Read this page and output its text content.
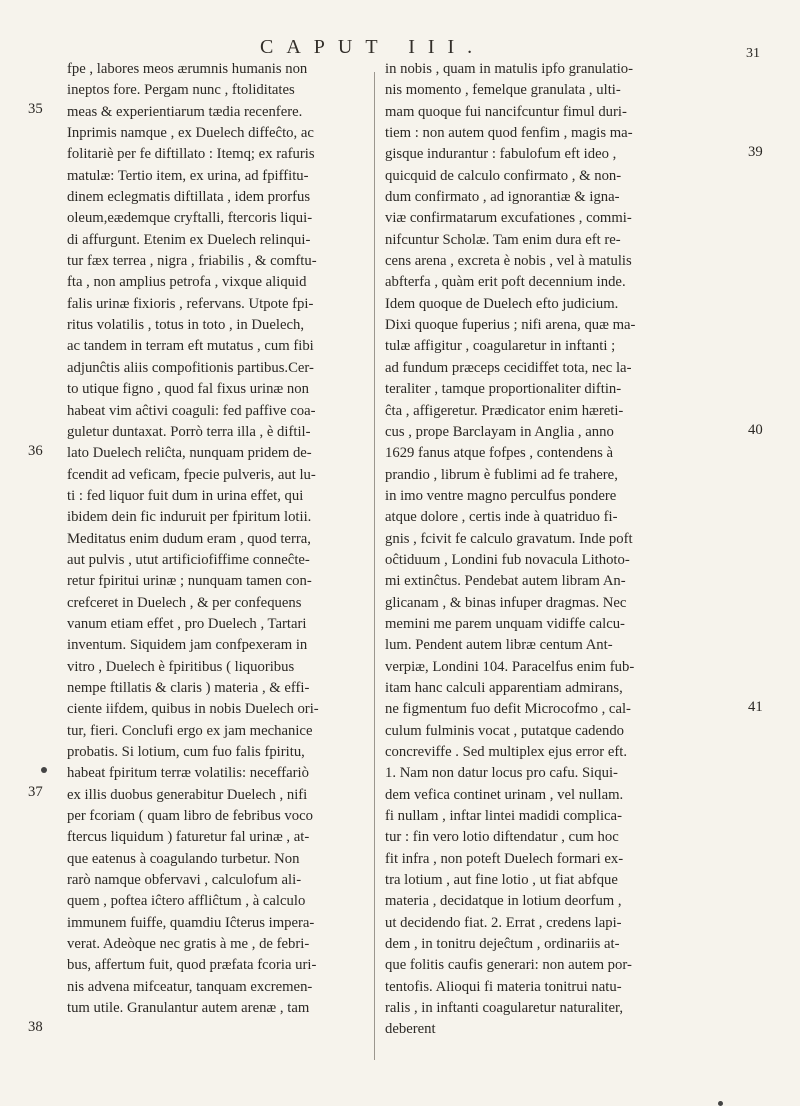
CAPUT III.	31
fpe , labores meos ærumnis humanis non
ineptos fore. Pergam nunc , ftoliditates
meas & experientiarum tædia recenfere.
Inprimis namque , ex Duelech diffeĉto, ac
folitariè per fe diftillato : Itemq; ex rafuris
matulæ: Tertio item, ex urina, ad fpiffitu-
dinem eclegmatis diftillata , idem prorfus
oleum,eædemque cryftalli, ftercoris liqui-
di affurgunt. Etenim ex Duelech relinqui-
tur fæx terrea , nigra , friabilis , & comftu-
fta , non amplius petrofa , vixque aliquid
falis urinæ fixioris , refervans. Utpote fpi-
ritus volatilis , totus in toto , in Duelech,
ac tandem in terram eft mutatus , cum fibi
adjunĉtis aliis compofitionis partibus.Cer-
to utique figno , quod fal fixus urinæ non
habeat vim aĉtivi coaguli: fed paffive coa-
guletur duntaxat. Porrò terra illa , è diftil-
lato Duelech reliĉta, nunquam pridem de-
fcendit ad veficam, fpecie pulveris, aut lu-
ti : fed liquor fuit dum in urina effet, qui
ibidem dein fic induruit per fpiritum lotii.
Meditatus enim dudum eram , quod terra,
aut pulvis , utut artificiofiffime conneĉte-
retur fpiritui urinæ ; nunquam tamen con-
crefceret in Duelech , & per confequens
vanum etiam effet , pro Duelech , Tartari
inventum. Siquidem jam confpexeram in
vitro , Duelech è fpiritibus ( liquoribus
nempe ftillatis & claris ) materia , & effi-
ciente iifdem, quibus in nobis Duelech ori-
tur, fieri. Conclufi ergo ex jam mechanice
probatis. Si lotium, cum fuo falis fpiritu,
habeat fpiritum terræ volatilis: neceffariò
ex illis duobus generabitur Duelech , nifi
per fcoriam ( quam libro de febribus voco
ftercus liquidum ) faturetur fal urinæ , at-
que eatenus à coagulando turbetur. Non
rarò namque obfervavi , calculofum ali-
quem , poftea iĉtero affliĉtum , à calculo
immunem fuiffe, quamdiu Iĉterus impera-
verat. Adeòque nec gratis à me , de febri-
bus, affertum fuit, quod præfata fcoria uri-
nis advena mifceatur, tanquam excremen-
tum utile. Granulantur autem arenæ , tam
in nobis , quam in matulis ipfo granulatio-
nis momento , femelque granulata , ulti-
mam quoque fui nancifcuntur fimul duri-
tiem : non autem quod fenfim , magis ma-
gisque indurantur : fabulofum eft ideo ,
quicquid de calculo confirmato , & non-
dum confirmato , ad ignorantiæ & igna-
viæ confirmatarum excufationes , commi-
nifcuntur Scholæ. Tam enim dura eft re-
cens arena , excreta è nobis , vel à matulis
abfterfa , quàm erit poft decennium inde.
Idem quoque de Duelech efto judicium.
Dixi quoque fuperius ; nifi arena, quæ ma-
tulæ affigitur , coagularetur in inftanti ;
ad fundum præceps cecidiffet tota, nec la-
teraliter , tamque proportionaliter diftin-
ĉta , affigeretur. Prædicator enim hæreti-
cus , prope Barclayam in Anglia , anno
1629 fanus atque fofpes , contendens à
prandio , librum è fublimi ad fe trahere,
in imo ventre magno perculfus pondere
atque dolore , certis inde à quatriduo fi-
gnis , fcivit fe calculo gravatum. Inde poft
oĉtiduum , Londini fub novacula Lithoto-
mi extinĉtus. Pendebat autem libram An-
glicanam , & binas infuper dragmas. Nec
memini me parem unquam vidiffe calcu-
lum. Pendent autem libræ centum Ant-
verpiæ, Londini 104. Paracelfus enim fub-
itam hanc calculi apparentiam admirans,
ne figmentum fuo defit Microcofmo , cal-
culum fulminis vocat , putatque cadendo
concreviffe . Sed multiplex ejus error eft.
1. Nam non datur locus pro cafu. Siqui-
dem vefica continet urinam , vel nullam.
fi nullam , inftar lintei madidi complica-
tur : fin vero lotio diftendatur , cum hoc
fit infra , non poteft Duelech formari ex-
tra lotium , aut fine lotio , ut fiat abfque
materia , decidatque in lotium deorfum ,
ut decidendo fiat. 2. Errat , credens lapi-
dem , in tonitru dejeĉtum , ordinariis at-
que folitis caufis generari: non autem por-
tentofis. Alioqui fi materia tonitrui natu-
ralis , in inftanti coagularetur naturaliter,
deberent
35
36
37
38
39
40
41
